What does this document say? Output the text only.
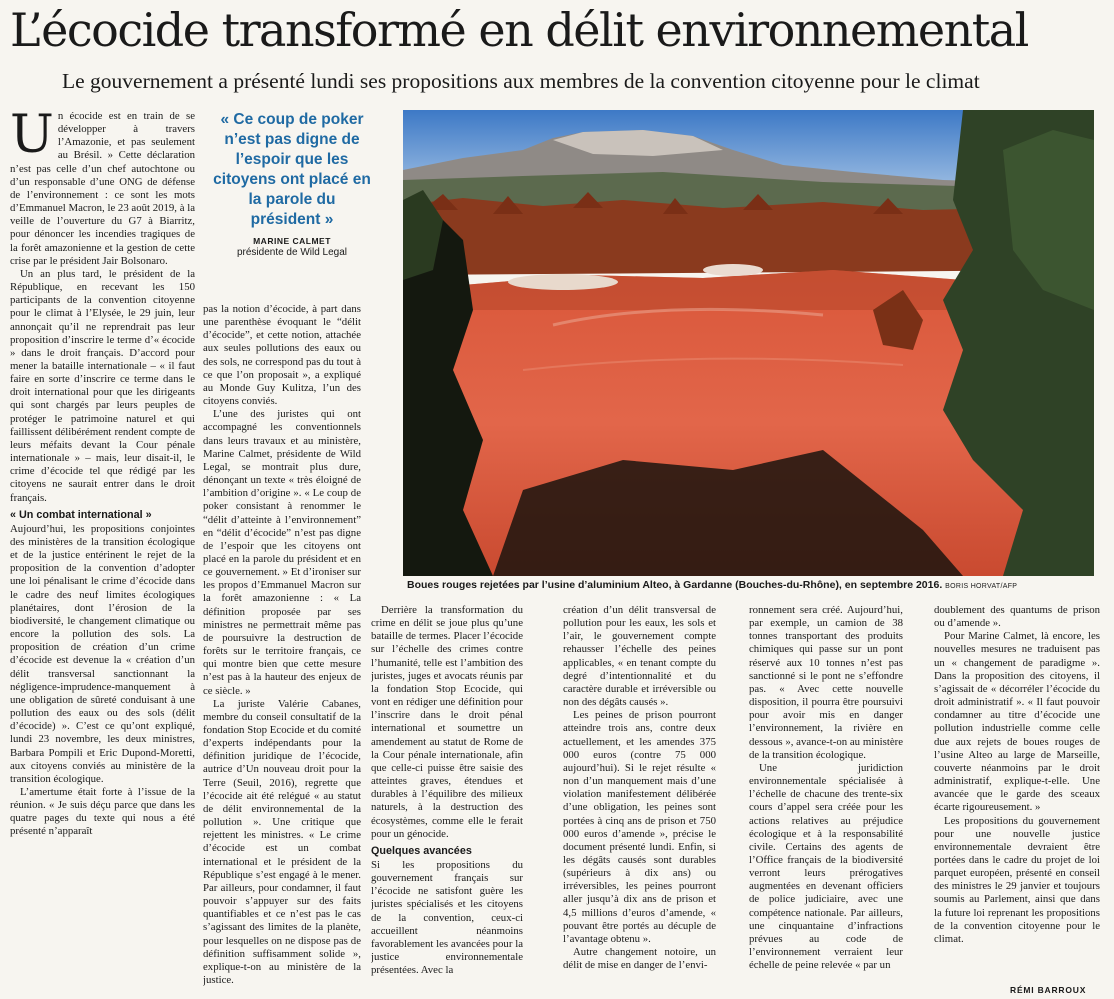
L’écocide transformé en délit environnemental
Le gouvernement a présenté lundi ses propositions aux membres de la convention citoyenne pour le climat

Un écocide est en train de se développer à travers l’Amazonie, et pas seulement au Brésil. » Cette déclaration n’est pas celle d’un chef autochtone ou d’un responsable d’une ONG de défense de l’environnement : ce sont les mots d’Emmanuel Macron, le 23 août 2019, à la veille de l’ouverture du G7 à Biarritz, pour dénoncer les incendies tragiques de la forêt amazonienne et la gestion de cette crise par le président Jair Bolsonaro.

Un an plus tard, le président de la République, en recevant les 150 participants de la convention citoyenne pour le climat à l’Elysée, le 29 juin, leur annonçait qu’il ne reprendrait pas leur proposition d’inscrire le terme d’« écocide » dans le droit français. D’accord pour mener la bataille internationale – « il faut faire en sorte d’inscrire ce terme dans le droit international pour que les dirigeants qui sont chargés par leurs peuples de protéger le patrimoine naturel et qui faillissent délibérément rendent compte de leurs méfaits devant la Cour pénale internationale » – mais, leur disait-il, le crime d’écocide tel que rédigé par les citoyens ne saurait entrer dans le droit français.

« Un combat international »

Aujourd’hui, les propositions conjointes des ministères de la transition écologique et de la justice entérinent le rejet de la proposition de la convention d’adopter une loi pénalisant le crime d’écocide dans le cadre des neuf limites écologiques planétaires, dont l’érosion de la biodiversité, le changement climatique ou encore la pollution des sols. La proposition de création d’un crime d’écocide est devenue la « création d’un délit transversal sanctionnant la négligence-imprudence-manquement à une obligation de sûreté conduisant à une pollution des eaux ou des sols (délit d’écocide) ». C’est ce qu’ont expliqué, lundi 23 novembre, les deux ministres, Barbara Pompili et Eric Dupond-Moretti, aux citoyens conviés au ministère de la transition écologique.

L’amertume était forte à l’issue de la réunion. « Je suis déçu parce que dans les quatre pages du texte qui nous a été présenté n’apparaît

« Ce coup de poker n’est pas digne de l’espoir que les citoyens ont placé en la parole du président »
MARINE CALMET
présidente de Wild Legal

pas la notion d’écocide, à part dans une parenthèse évoquant le “délit d’écocide”, et cette notion, attachée aux seules pollutions des eaux ou des sols, ne correspond pas du tout à ce que l’on proposait », a expliqué au Monde Guy Kulitza, l’un des citoyens conviés.

L’une des juristes qui ont accompagné les conventionnels dans leurs travaux et au ministère, Marine Calmet, présidente de Wild Legal, se montrait plus dure, dénonçant un texte « très éloigné de l’ambition d’origine ». « Le coup de poker consistant à renommer le “délit d’atteinte à l’environnement” en “délit d’écocide” n’est pas digne de l’espoir que les citoyens ont placé en la parole du président et en ce gouvernement. » Et d’ironiser sur les propos d’Emmanuel Macron sur la forêt amazonienne : « La définition proposée par ses ministres ne permettrait même pas de poursuivre la destruction de forêts sur le territoire français, ce qui montre bien que cette mesure n’est pas à la hauteur des enjeux de ce siècle. »

La juriste Valérie Cabanes, membre du conseil consultatif de la fondation Stop Ecocide et du comité d’experts indépendants pour la définition juridique de l’écocide, autrice d’Un nouveau droit pour la Terre (Seuil, 2016), regrette que l’écocide ait été relégué « au statut de délit environnemental de la pollution ». Une critique que rejettent les ministres. « Le crime d’écocide est un combat international et le président de la République s’est engagé à le mener. Par ailleurs, pour condamner, il faut pouvoir s’appuyer sur des faits quantifiables et ce n’est pas le cas s’agissant des limites de la planète, pour lesquelles on ne dispose pas de définition suffisamment solide », explique-t-on au ministère de la justice.

Boues rouges rejetées par l’usine d’aluminium Alteo, à Gardanne (Bouches-du-Rhône), en septembre 2016. BORIS HORVAT/AFP

Derrière la transformation du crime en délit se joue plus qu’une bataille de termes. Placer l’écocide sur l’échelle des crimes contre l’humanité, telle est l’ambition des juristes, juges et avocats réunis par la fondation Stop Ecocide, qui vont en rédiger une définition pour l’inscrire dans le droit pénal international et soumettre un amendement au statut de Rome de la Cour pénale internationale, afin que celle-ci puisse être saisie des atteintes graves, étendues et durables à l’équilibre des milieux naturels, à la destruction des écosystèmes, comme elle le ferait pour un génocide.

Quelques avancées

Si les propositions du gouvernement français sur l’écocide ne satisfont guère les juristes spécialisés et les citoyens de la convention, ceux-ci accueillent néanmoins favorablement les avancées pour la justice environnementale présentées. Avec la

création d’un délit transversal de pollution pour les eaux, les sols et l’air, le gouvernement compte rehausser l’échelle des peines applicables, « en tenant compte du degré d’intentionnalité et du caractère durable et irréversible ou non des dégâts causés ».

Les peines de prison pourront atteindre trois ans, contre deux actuellement, et les amendes 375 000 euros (contre 75 000 aujourd’hui). Si le rejet résulte « non d’un manquement mais d’une violation manifestement délibérée d’une obligation, les peines sont portées à cinq ans de prison et 750 000 euros d’amende », précise le document présenté lundi. Enfin, si les dégâts causés sont durables (supérieurs à dix ans) ou irréversibles, les peines pourront aller jusqu’à dix ans de prison et 4,5 millions d’euros d’amende, « pouvant être portés au décuple de l’avantage obtenu ».

Autre changement notoire, un délit de mise en danger de l’envi-

ronnement sera créé. Aujourd’hui, par exemple, un camion de 38 tonnes transportant des produits chimiques qui passe sur un pont réservé aux 10 tonnes n’est pas sanctionné si le pont ne s’effondre pas. « Avec cette nouvelle disposition, il pourra être poursuivi pour avoir mis en danger l’environnement, la rivière en dessous », avance-t-on au ministère de la transition écologique.

Une juridiction environnementale spécialisée à l’échelle de chacune des trente-six cours d’appel sera créée pour les actions relatives au préjudice écologique et à la responsabilité civile. Certains des agents de l’Office français de la biodiversité verront leurs prérogatives augmentées en devenant officiers de police judiciaire, avec une compétence nationale. Par ailleurs, une cinquantaine d’infractions prévues au code de l’environnement verraient leur échelle de peine relevée « par un

doublement des quantums de prison ou d’amende ».

Pour Marine Calmet, là encore, les nouvelles mesures ne traduisent pas un « changement de paradigme ». Dans la proposition des citoyens, il s’agissait de « décorréler l’écocide du droit administratif ». « Il faut pouvoir condamner au titre d’écocide une pollution industrielle comme celle due aux rejets de boues rouges de l’usine Alteo au large de Marseille, couverte néanmoins par le droit administratif, explique-t-elle. Une avancée que le garde des sceaux écarte rigoureusement. »

Les propositions du gouvernement pour une nouvelle justice environnementale devraient être portées dans le cadre du projet de loi parquet européen, présenté en conseil des ministres le 29 janvier et toujours soumis au Parlement, ainsi que dans la future loi reprenant les propositions de la convention citoyenne pour le climat.

RÉMI BARROUX
